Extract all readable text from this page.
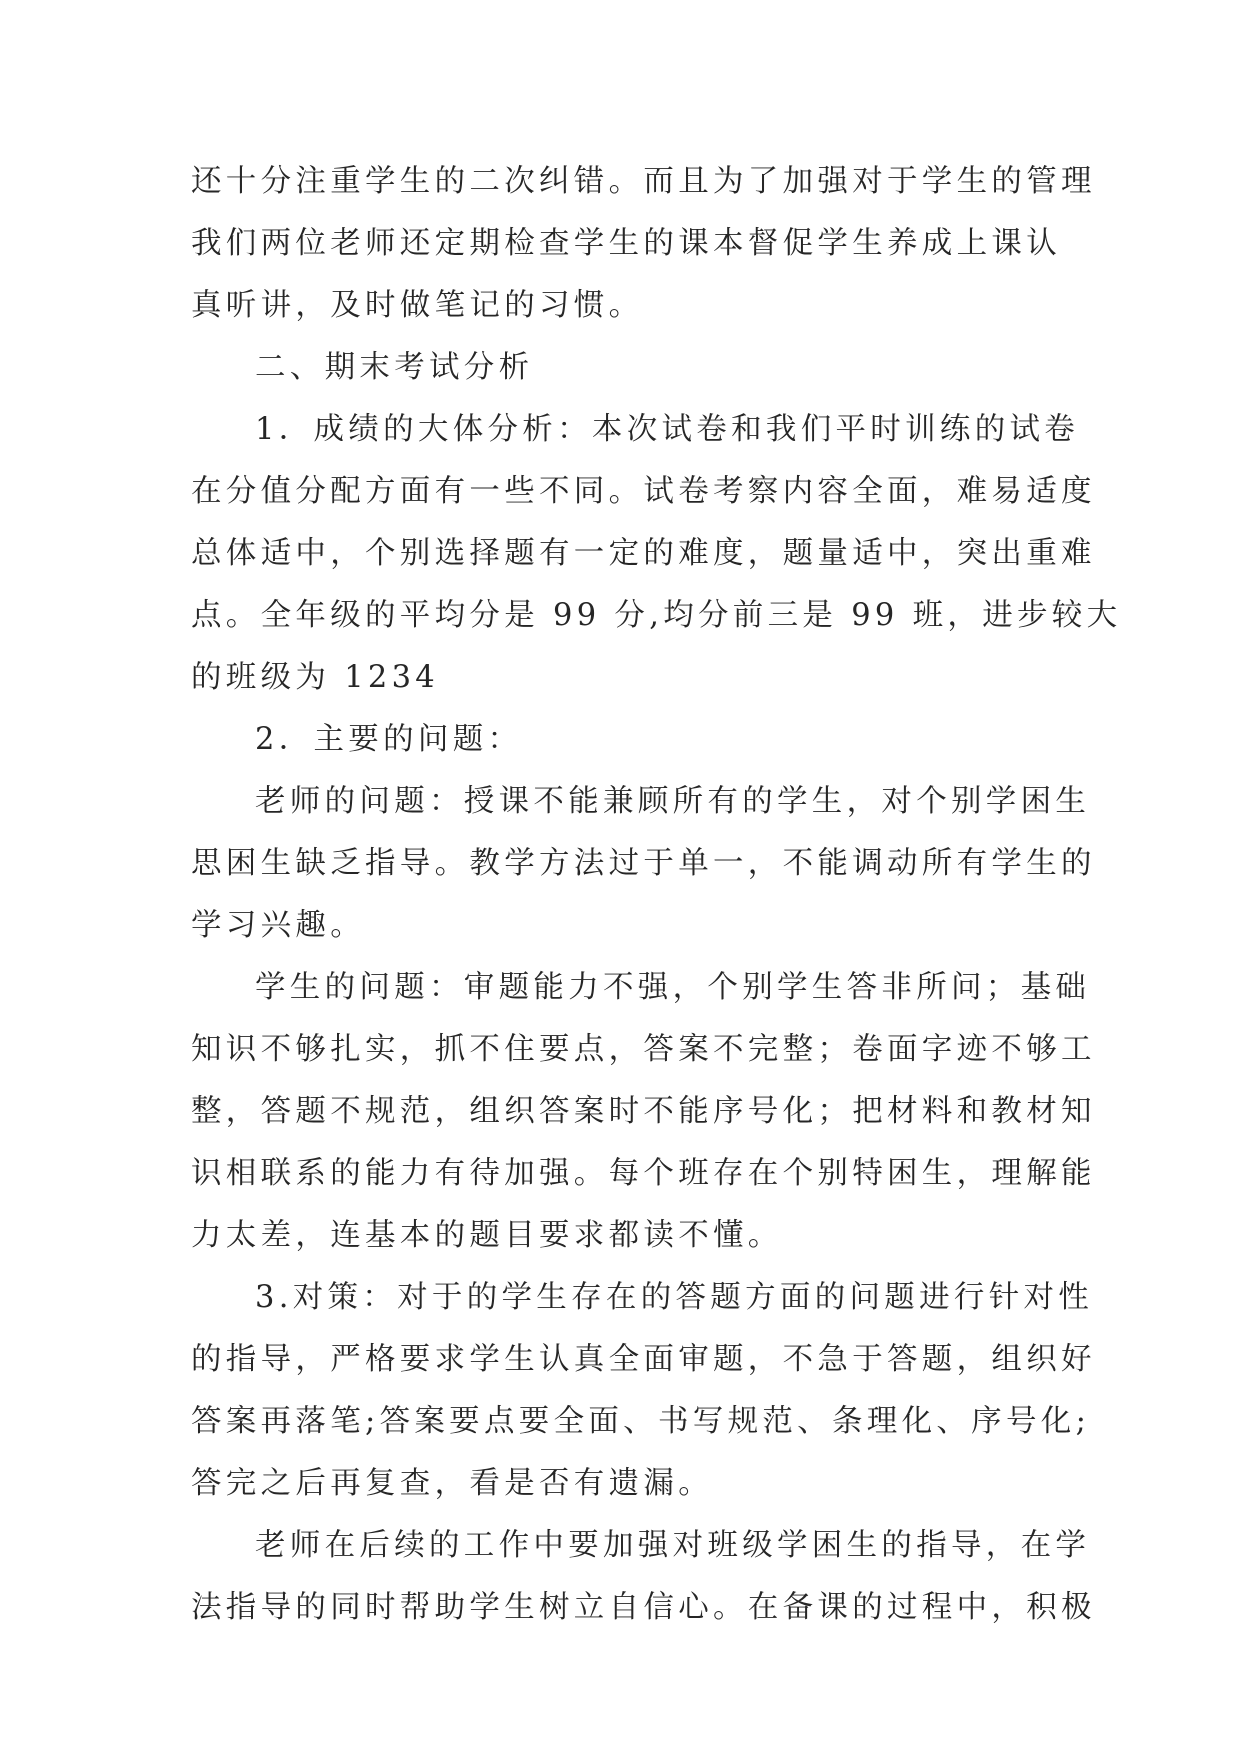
还十分注重学生的二次纠错。而且为了加强对于学生的管理
我们两位老师还定期检查学生的课本督促学生养成上课认
真听讲，及时做笔记的习惯。
二、期末考试分析
1．成绩的大体分析：本次试卷和我们平时训练的试卷
在分值分配方面有一些不同。试卷考察内容全面，难易适度
总体适中，个别选择题有一定的难度，题量适中，突出重难
点。全年级的平均分是 99 分,均分前三是 99 班，进步较大
的班级为 1234
2．主要的问题：
老师的问题：授课不能兼顾所有的学生，对个别学困生
思困生缺乏指导。教学方法过于单一，不能调动所有学生的
学习兴趣。
学生的问题：审题能力不强，个别学生答非所问；基础
知识不够扎实，抓不住要点，答案不完整；卷面字迹不够工
整，答题不规范，组织答案时不能序号化；把材料和教材知
识相联系的能力有待加强。每个班存在个别特困生，理解能
力太差，连基本的题目要求都读不懂。
3.对策：对于的学生存在的答题方面的问题进行针对性
的指导，严格要求学生认真全面审题，不急于答题，组织好
答案再落笔;答案要点要全面、书写规范、条理化、序号化;
答完之后再复查，看是否有遗漏。
老师在后续的工作中要加强对班级学困生的指导，在学
法指导的同时帮助学生树立自信心。在备课的过程中，积极
